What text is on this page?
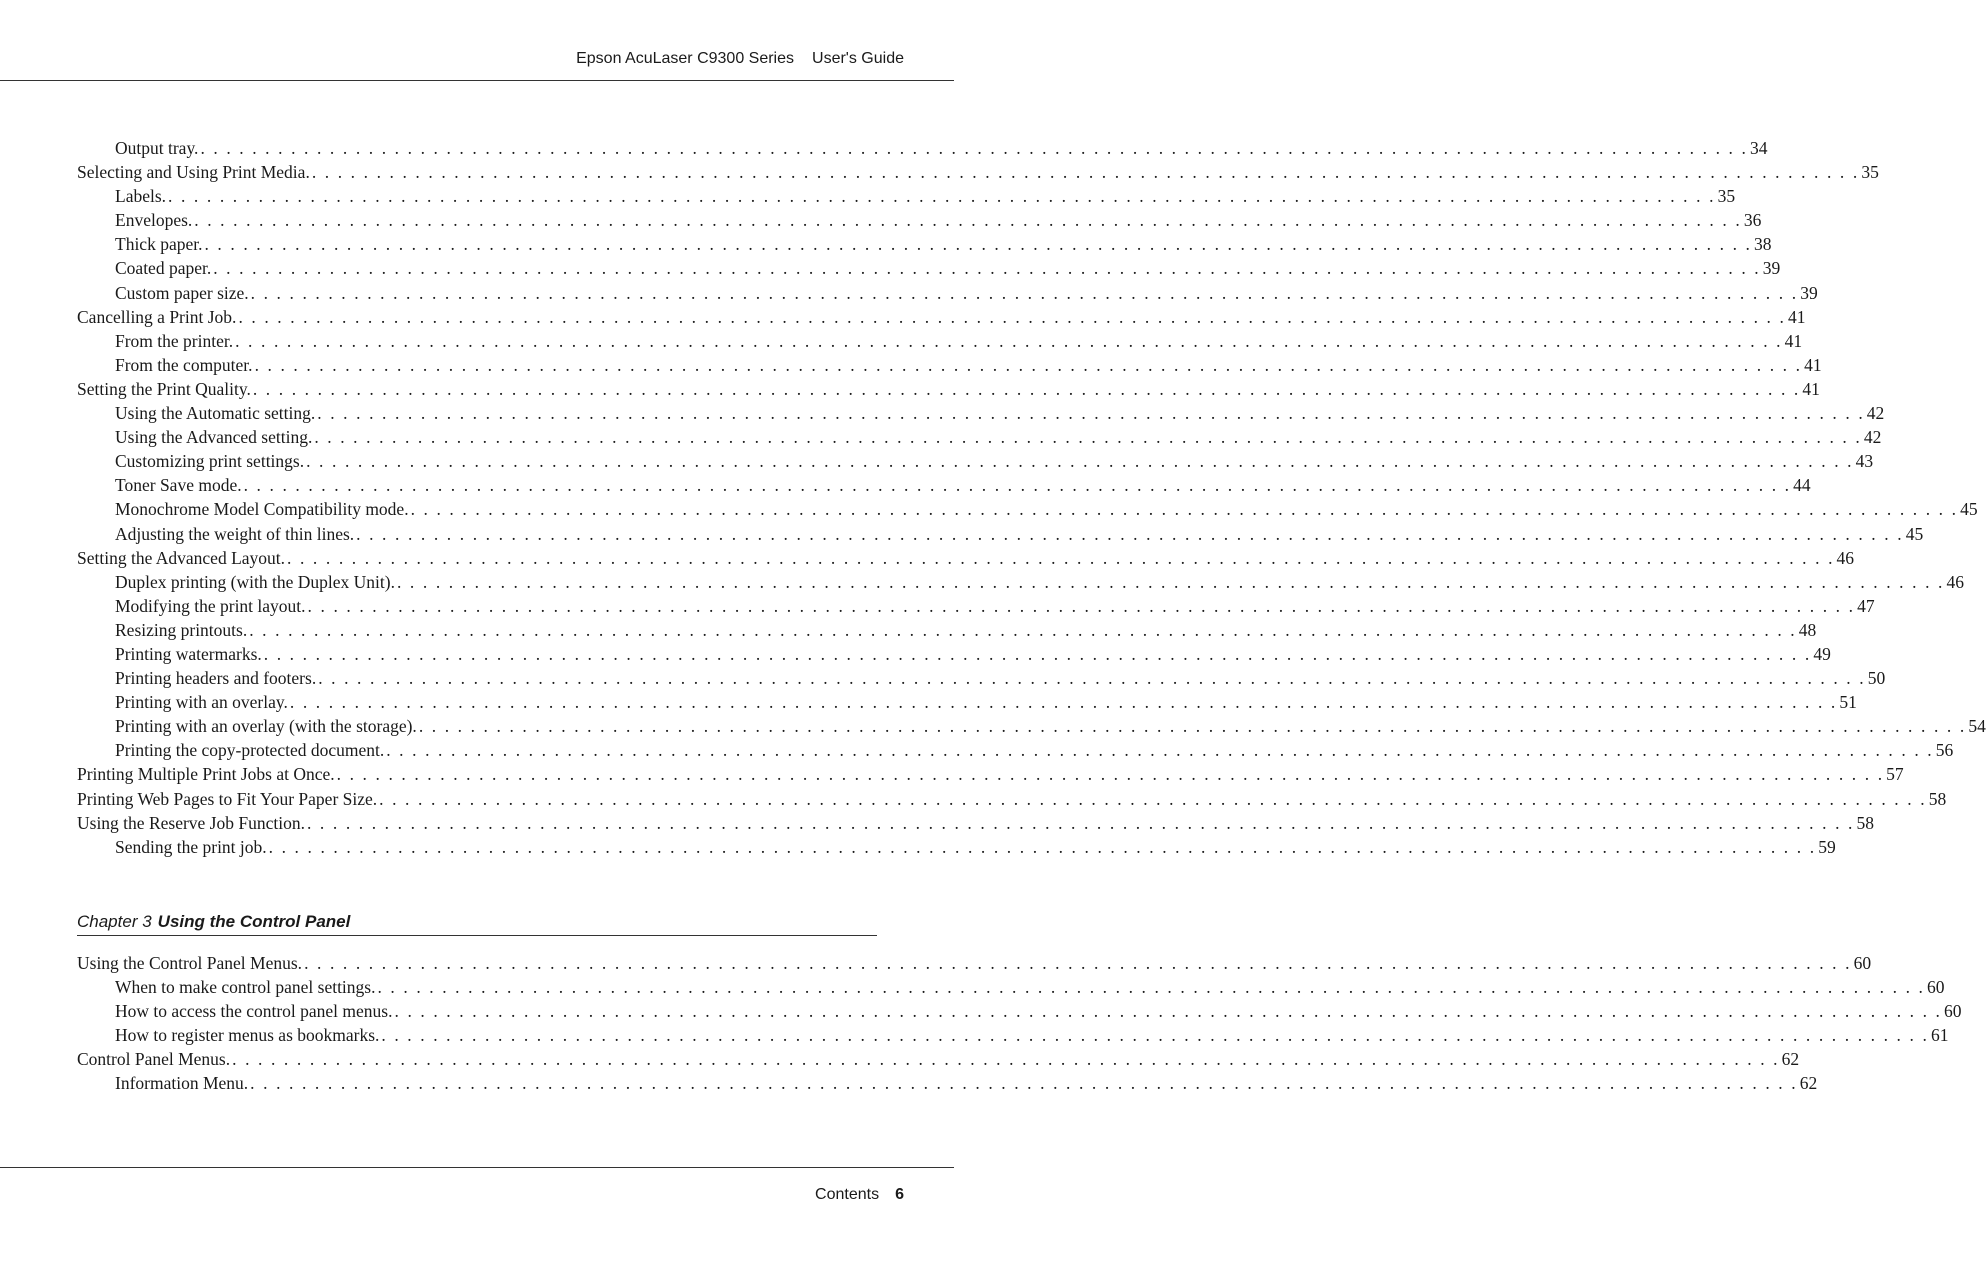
Epson AcuLaser C9300 Series User's Guide
Output tray. . . . . . . . . . . . . . . . . . . . . . . . . . . . . . . . . . . . . . . . . . . . . . . . . . . . . . . . . . . . . . . . . . . . . . . . . . . . . . . . . . . . . . . . . . . . . . . . . . . . . . . . . . . . . . . . . . . . . . . . . 34
Selecting and Using Print Media. . . . . . . . . . . . . . . . . . . . . . . . . . . . . . . . . . . . . . . . . . . . . . . . . . . . . . . . . . . . . . . . . . . . . . . . . . . . . . . . . . . . . . . . . . . . . . . . . . . . . . . . . . . . . . . . . . . . . . . . . 35
Labels. . . . . . . . . . . . . . . . . . . . . . . . . . . . . . . . . . . . . . . . . . . . . . . . . . . . . . . . . . . . . . . . . . . . . . . . . . . . . . . . . . . . . . . . . . . . . . . . . . . . . . . . . . . . . . . . . . . . . . . . . 35
Envelopes. . . . . . . . . . . . . . . . . . . . . . . . . . . . . . . . . . . . . . . . . . . . . . . . . . . . . . . . . . . . . . . . . . . . . . . . . . . . . . . . . . . . . . . . . . . . . . . . . . . . . . . . . . . . . . . . . . . . . . . . . 36
Thick paper. . . . . . . . . . . . . . . . . . . . . . . . . . . . . . . . . . . . . . . . . . . . . . . . . . . . . . . . . . . . . . . . . . . . . . . . . . . . . . . . . . . . . . . . . . . . . . . . . . . . . . . . . . . . . . . . . . . . . . . . . 38
Coated paper. . . . . . . . . . . . . . . . . . . . . . . . . . . . . . . . . . . . . . . . . . . . . . . . . . . . . . . . . . . . . . . . . . . . . . . . . . . . . . . . . . . . . . . . . . . . . . . . . . . . . . . . . . . . . . . . . . . . . . . . . 39
Custom paper size. . . . . . . . . . . . . . . . . . . . . . . . . . . . . . . . . . . . . . . . . . . . . . . . . . . . . . . . . . . . . . . . . . . . . . . . . . . . . . . . . . . . . . . . . . . . . . . . . . . . . . . . . . . . . . . . . . . . . . . . . 39
Cancelling a Print Job. . . . . . . . . . . . . . . . . . . . . . . . . . . . . . . . . . . . . . . . . . . . . . . . . . . . . . . . . . . . . . . . . . . . . . . . . . . . . . . . . . . . . . . . . . . . . . . . . . . . . . . . . . . . . . . . . . . . . . . . . 41
From the printer. . . . . . . . . . . . . . . . . . . . . . . . . . . . . . . . . . . . . . . . . . . . . . . . . . . . . . . . . . . . . . . . . . . . . . . . . . . . . . . . . . . . . . . . . . . . . . . . . . . . . . . . . . . . . . . . . . . . . . . . . 41
From the computer. . . . . . . . . . . . . . . . . . . . . . . . . . . . . . . . . . . . . . . . . . . . . . . . . . . . . . . . . . . . . . . . . . . . . . . . . . . . . . . . . . . . . . . . . . . . . . . . . . . . . . . . . . . . . . . . . . . . . . . . . 41
Setting the Print Quality. . . . . . . . . . . . . . . . . . . . . . . . . . . . . . . . . . . . . . . . . . . . . . . . . . . . . . . . . . . . . . . . . . . . . . . . . . . . . . . . . . . . . . . . . . . . . . . . . . . . . . . . . . . . . . . . . . . . . . . . . 41
Using the Automatic setting. . . . . . . . . . . . . . . . . . . . . . . . . . . . . . . . . . . . . . . . . . . . . . . . . . . . . . . . . . . . . . . . . . . . . . . . . . . . . . . . . . . . . . . . . . . . . . . . . . . . . . . . . . . . . . . . . . . . . . . . . 42
Using the Advanced setting. . . . . . . . . . . . . . . . . . . . . . . . . . . . . . . . . . . . . . . . . . . . . . . . . . . . . . . . . . . . . . . . . . . . . . . . . . . . . . . . . . . . . . . . . . . . . . . . . . . . . . . . . . . . . . . . . . . . . . . . . 42
Customizing print settings. . . . . . . . . . . . . . . . . . . . . . . . . . . . . . . . . . . . . . . . . . . . . . . . . . . . . . . . . . . . . . . . . . . . . . . . . . . . . . . . . . . . . . . . . . . . . . . . . . . . . . . . . . . . . . . . . . . . . . . . . 43
Toner Save mode. . . . . . . . . . . . . . . . . . . . . . . . . . . . . . . . . . . . . . . . . . . . . . . . . . . . . . . . . . . . . . . . . . . . . . . . . . . . . . . . . . . . . . . . . . . . . . . . . . . . . . . . . . . . . . . . . . . . . . . . . 44
Monochrome Model Compatibility mode. . . . . . . . . . . . . . . . . . . . . . . . . . . . . . . . . . . . . . . . . . . . . . . . . . . . . . . . . . . . . . . . . . . . . . . . . . . . . . . . . . . . . . . . . . . . . . . . . . . . . . . . . . . . . . . . . . . . . . . . . 45
Adjusting the weight of thin lines. . . . . . . . . . . . . . . . . . . . . . . . . . . . . . . . . . . . . . . . . . . . . . . . . . . . . . . . . . . . . . . . . . . . . . . . . . . . . . . . . . . . . . . . . . . . . . . . . . . . . . . . . . . . . . . . . . . . . . . . . 45
Setting the Advanced Layout. . . . . . . . . . . . . . . . . . . . . . . . . . . . . . . . . . . . . . . . . . . . . . . . . . . . . . . . . . . . . . . . . . . . . . . . . . . . . . . . . . . . . . . . . . . . . . . . . . . . . . . . . . . . . . . . . . . . . . . . . 46
Duplex printing (with the Duplex Unit). . . . . . . . . . . . . . . . . . . . . . . . . . . . . . . . . . . . . . . . . . . . . . . . . . . . . . . . . . . . . . . . . . . . . . . . . . . . . . . . . . . . . . . . . . . . . . . . . . . . . . . . . . . . . . . . . . . . . . . . . 46
Modifying the print layout. . . . . . . . . . . . . . . . . . . . . . . . . . . . . . . . . . . . . . . . . . . . . . . . . . . . . . . . . . . . . . . . . . . . . . . . . . . . . . . . . . . . . . . . . . . . . . . . . . . . . . . . . . . . . . . . . . . . . . . . . 47
Resizing printouts. . . . . . . . . . . . . . . . . . . . . . . . . . . . . . . . . . . . . . . . . . . . . . . . . . . . . . . . . . . . . . . . . . . . . . . . . . . . . . . . . . . . . . . . . . . . . . . . . . . . . . . . . . . . . . . . . . . . . . . . . 48
Printing watermarks. . . . . . . . . . . . . . . . . . . . . . . . . . . . . . . . . . . . . . . . . . . . . . . . . . . . . . . . . . . . . . . . . . . . . . . . . . . . . . . . . . . . . . . . . . . . . . . . . . . . . . . . . . . . . . . . . . . . . . . . . 49
Printing headers and footers. . . . . . . . . . . . . . . . . . . . . . . . . . . . . . . . . . . . . . . . . . . . . . . . . . . . . . . . . . . . . . . . . . . . . . . . . . . . . . . . . . . . . . . . . . . . . . . . . . . . . . . . . . . . . . . . . . . . . . . . . 50
Printing with an overlay. . . . . . . . . . . . . . . . . . . . . . . . . . . . . . . . . . . . . . . . . . . . . . . . . . . . . . . . . . . . . . . . . . . . . . . . . . . . . . . . . . . . . . . . . . . . . . . . . . . . . . . . . . . . . . . . . . . . . . . . . 51
Printing with an overlay (with the storage). . . . . . . . . . . . . . . . . . . . . . . . . . . . . . . . . . . . . . . . . . . . . . . . . . . . . . . . . . . . . . . . . . . . . . . . . . . . . . . . . . . . . . . . . . . . . . . . . . . . . . . . . . . . . . . . . . . . . . . . . 54
Printing the copy-protected document. . . . . . . . . . . . . . . . . . . . . . . . . . . . . . . . . . . . . . . . . . . . . . . . . . . . . . . . . . . . . . . . . . . . . . . . . . . . . . . . . . . . . . . . . . . . . . . . . . . . . . . . . . . . . . . . . . . . . . . . . 56
Printing Multiple Print Jobs at Once. . . . . . . . . . . . . . . . . . . . . . . . . . . . . . . . . . . . . . . . . . . . . . . . . . . . . . . . . . . . . . . . . . . . . . . . . . . . . . . . . . . . . . . . . . . . . . . . . . . . . . . . . . . . . . . . . . . . . . . . . 57
Printing Web Pages to Fit Your Paper Size. . . . . . . . . . . . . . . . . . . . . . . . . . . . . . . . . . . . . . . . . . . . . . . . . . . . . . . . . . . . . . . . . . . . . . . . . . . . . . . . . . . . . . . . . . . . . . . . . . . . . . . . . . . . . . . . . . . . . . . . . 58
Using the Reserve Job Function. . . . . . . . . . . . . . . . . . . . . . . . . . . . . . . . . . . . . . . . . . . . . . . . . . . . . . . . . . . . . . . . . . . . . . . . . . . . . . . . . . . . . . . . . . . . . . . . . . . . . . . . . . . . . . . . . . . . . . . . . 58
Sending the print job. . . . . . . . . . . . . . . . . . . . . . . . . . . . . . . . . . . . . . . . . . . . . . . . . . . . . . . . . . . . . . . . . . . . . . . . . . . . . . . . . . . . . . . . . . . . . . . . . . . . . . . . . . . . . . . . . . . . . . . . . 59
Chapter 3 Using the Control Panel
Using the Control Panel Menus. . . . . . . . . . . . . . . . . . . . . . . . . . . . . . . . . . . . . . . . . . . . . . . . . . . . . . . . . . . . . . . . . . . . . . . . . . . . . . . . . . . . . . . . . . . . . . . . . . . . . . . . . . . . . . . . . . . . . . . . . 60
When to make control panel settings. . . . . . . . . . . . . . . . . . . . . . . . . . . . . . . . . . . . . . . . . . . . . . . . . . . . . . . . . . . . . . . . . . . . . . . . . . . . . . . . . . . . . . . . . . . . . . . . . . . . . . . . . . . . . . . . . . . . . . . . . 60
How to access the control panel menus. . . . . . . . . . . . . . . . . . . . . . . . . . . . . . . . . . . . . . . . . . . . . . . . . . . . . . . . . . . . . . . . . . . . . . . . . . . . . . . . . . . . . . . . . . . . . . . . . . . . . . . . . . . . . . . . . . . . . . . . . 60
How to register menus as bookmarks. . . . . . . . . . . . . . . . . . . . . . . . . . . . . . . . . . . . . . . . . . . . . . . . . . . . . . . . . . . . . . . . . . . . . . . . . . . . . . . . . . . . . . . . . . . . . . . . . . . . . . . . . . . . . . . . . . . . . . . . . 61
Control Panel Menus. . . . . . . . . . . . . . . . . . . . . . . . . . . . . . . . . . . . . . . . . . . . . . . . . . . . . . . . . . . . . . . . . . . . . . . . . . . . . . . . . . . . . . . . . . . . . . . . . . . . . . . . . . . . . . . . . . . . . . . . . 62
Information Menu. . . . . . . . . . . . . . . . . . . . . . . . . . . . . . . . . . . . . . . . . . . . . . . . . . . . . . . . . . . . . . . . . . . . . . . . . . . . . . . . . . . . . . . . . . . . . . . . . . . . . . . . . . . . . . . . . . . . . . . . . 62
Contents 6
